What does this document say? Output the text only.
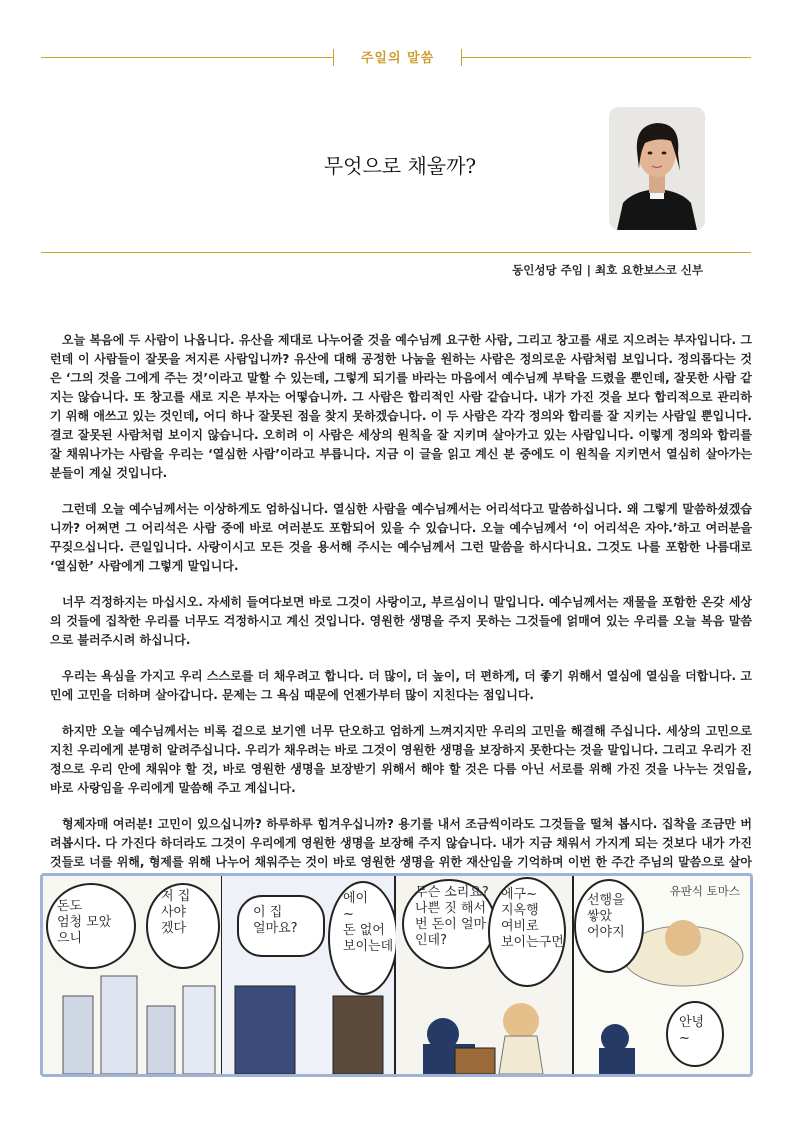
주일의 말씀
무엇으로 채울까?
동인성당 주임 | 최호 요한보스코 신부

오늘 복음에 두 사람이 나옵니다. 유산을 제대로 나누어줄 것을 예수님께 요구한 사람, 그리고 창고를 새로 지으려는 부자입니다. 그런데 이 사람들이 잘못을 저지른 사람입니까? 유산에 대해 공정한 나눔을 원하는 사람은 정의로운 사람처럼 보입니다. 정의롭다는 것은 ‘그의 것을 그에게 주는 것’이라고 말할 수 있는데, 그렇게 되기를 바라는 마음에서 예수님께 부탁을 드렸을 뿐인데, 잘못한 사람 같지는 않습니다. 또 창고를 새로 지은 부자는 어떻습니까. 그 사람은 합리적인 사람 같습니다. 내가 가진 것을 보다 합리적으로 관리하기 위해 애쓰고 있는 것인데, 어디 하나 잘못된 점을 찾지 못하겠습니다. 이 두 사람은 각각 정의와 합리를 잘 지키는 사람일 뿐입니다. 결코 잘못된 사람처럼 보이지 않습니다. 오히려 이 사람은 세상의 원칙을 잘 지키며 살아가고 있는 사람입니다. 이렇게 정의와 합리를 잘 채워나가는 사람을 우리는 ‘열심한 사람’이라고 부릅니다. 지금 이 글을 읽고 계신 분 중에도 이 원칙을 지키면서 열심히 살아가는 분들이 계실 것입니다.

그런데 오늘 예수님께서는 이상하게도 엄하십니다. 열심한 사람을 예수님께서는 어리석다고 말씀하십니다. 왜 그렇게 말씀하셨겠습니까? 어쩌면 그 어리석은 사람 중에 바로 여러분도 포함되어 있을 수 있습니다. 오늘 예수님께서 ‘이 어리석은 자야.’하고 여러분을 꾸짖으십니다. 큰일입니다. 사랑이시고 모든 것을 용서해 주시는 예수님께서 그런 말씀을 하시다니요. 그것도 나를 포함한 나름대로 ‘열심한’ 사람에게 그렇게 말입니다.

너무 걱정하지는 마십시오. 자세히 들여다보면 바로 그것이 사랑이고, 부르심이니 말입니다. 예수님께서는 재물을 포함한 온갖 세상의 것들에 집착한 우리를 너무도 걱정하시고 계신 것입니다. 영원한 생명을 주지 못하는 그것들에 얽매여 있는 우리를 오늘 복음 말씀으로 불러주시려 하십니다.

우리는 욕심을 가지고 우리 스스로를 더 채우려고 합니다. 더 많이, 더 높이, 더 편하게, 더 좋기 위해서 열심에 열심을 더합니다. 고민에 고민을 더하며 살아갑니다. 문제는 그 욕심 때문에 언젠가부터 많이 지친다는 점입니다.

하지만 오늘 예수님께서는 비록 겉으로 보기엔 너무 단오하고 엄하게 느껴지지만 우리의 고민을 해결해 주십니다. 세상의 고민으로 지친 우리에게 분명히 알려주십니다. 우리가 채우려는 바로 그것이 영원한 생명을 보장하지 못한다는 것을 말입니다. 그리고 우리가 진정으로 우리 안에 채워야 할 것, 바로 영원한 생명을 보장받기 위해서 해야 할 것은 다름 아닌 서로를 위해 가진 것을 나누는 것임을, 바로 사랑임을 우리에게 말씀해 주고 계십니다.

형제자매 여러분! 고민이 있으십니까? 하루하루 힘겨우십니까? 용기를 내서 조금씩이라도 그것들을 떨쳐 봅시다. 집착을 조금만 버려봅시다. 다 가진다 하더라도 그것이 우리에게 영원한 생명을 보장해 주지 않습니다. 내가 지금 채워서 가지게 되는 것보다 내가 가진 것들로 너를 위해, 형제를 위해 나누어 채워주는 것이 바로 영원한 생명을 위한 재산임을 기억하며 이번 한 주간 주님의 말씀으로 살아

돈도 엄청 모았 으니
저 집 사야 겠다
이 집 얼마요?
에이 ~ 돈 없어 보이는데
무슨 소리요? 나쁜 짓 해서 번 돈이 얼마 인데?
에구~ 지옥행 여비로 보이는구먼
선행을 쌓았 어야지
안녕 ~
유판식 토마스
